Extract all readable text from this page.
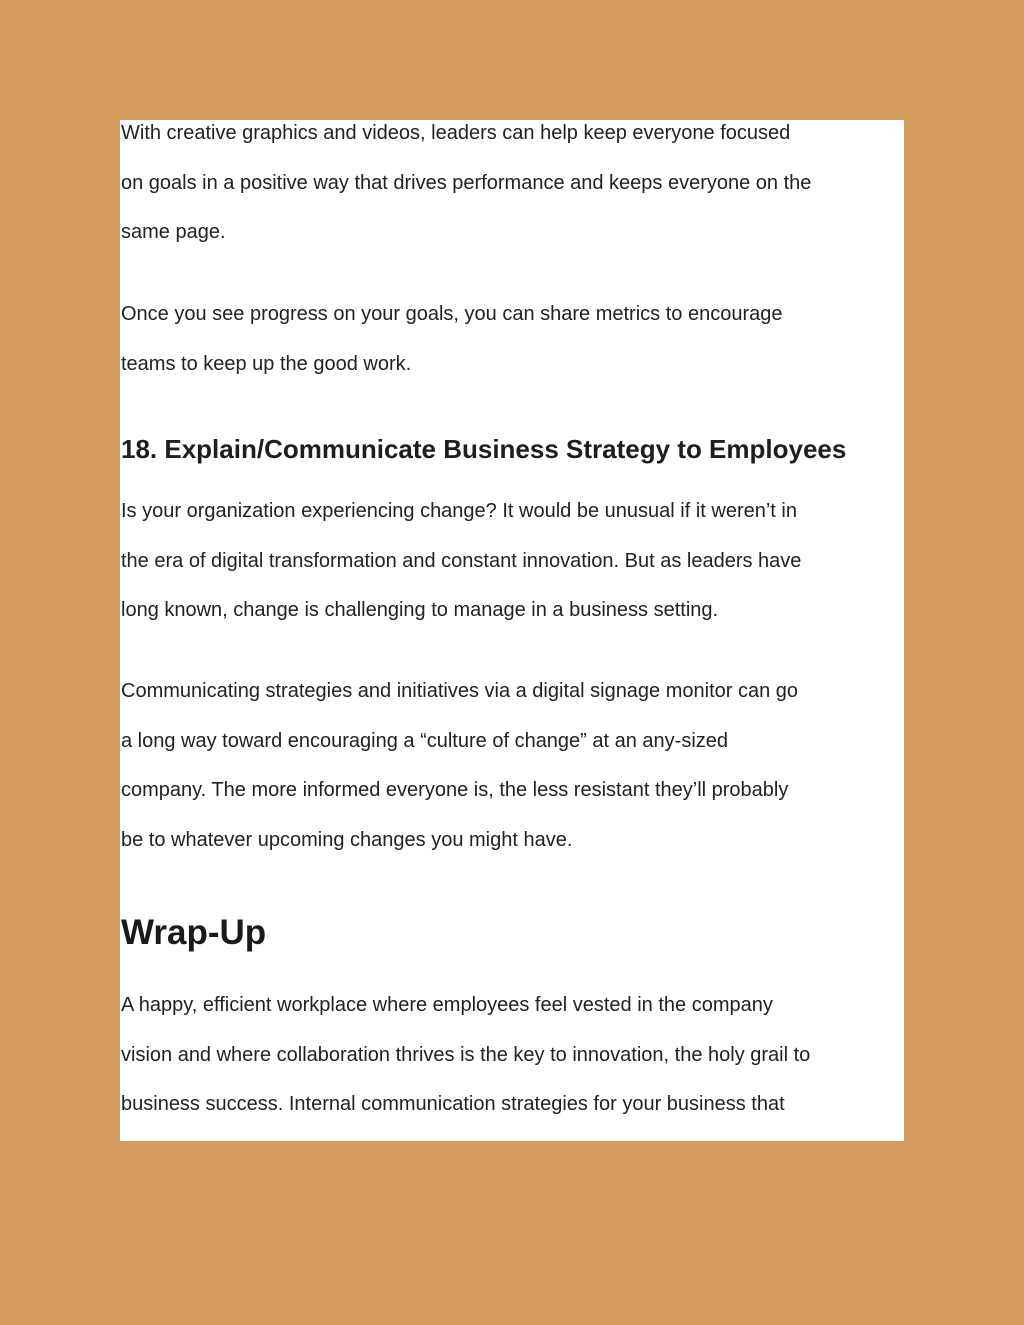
With creative graphics and videos, leaders can help keep everyone focused
on goals in a positive way that drives performance and keeps everyone on the
same page.

Once you see progress on your goals, you can share metrics to encourage
teams to keep up the good work.

18. Explain/Communicate Business Strategy to Employees

Is your organization experiencing change? It would be unusual if it weren’t in
the era of digital transformation and constant innovation. But as leaders have
long known, change is challenging to manage in a business setting.

Communicating strategies and initiatives via a digital signage monitor can go
a long way toward encouraging a “culture of change” at an any-sized
company. The more informed everyone is, the less resistant they’ll probably
be to whatever upcoming changes you might have.

Wrap-Up

A happy, efficient workplace where employees feel vested in the company
vision and where collaboration thrives is the key to innovation, the holy grail to
business success. Internal communication strategies for your business that
